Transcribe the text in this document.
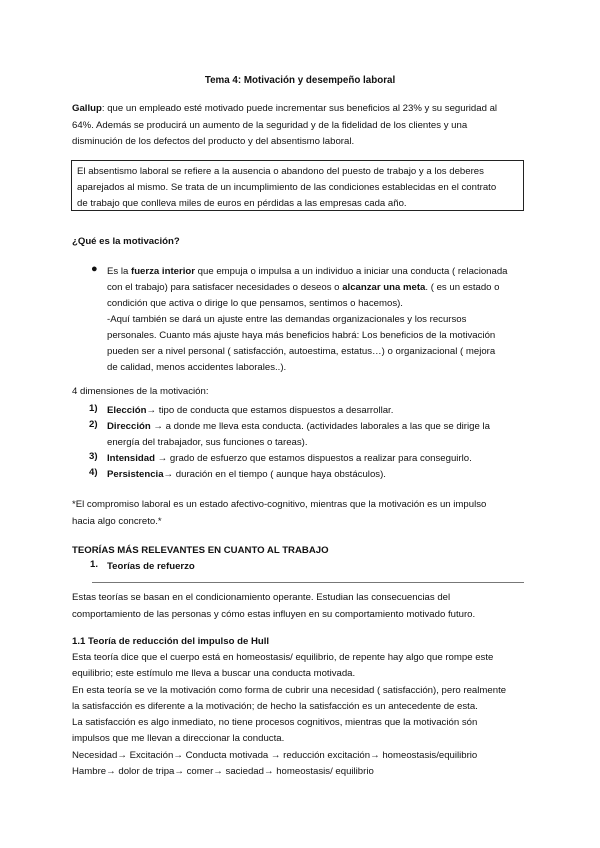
Tema 4: Motivación y desempeño laboral
Gallup: que un empleado esté motivado puede incrementar sus beneficios al 23% y su seguridad al
64%. Además se producirá un aumento de la seguridad y de la fidelidad de los clientes y una
disminución de los defectos del producto y del absentismo laboral.
El absentismo laboral se refiere a la ausencia o abandono del puesto de trabajo y a los deberes
aparejados al mismo. Se trata de un incumplimiento de las condiciones establecidas en el contrato
de trabajo que conlleva miles de euros en pérdidas a las empresas cada año.
¿Qué es la motivación?
● Es la fuerza interior que empuja o impulsa a un individuo a iniciar una conducta ( relacionada
con el trabajo) para satisfacer necesidades o deseos o alcanzar una meta. ( es un estado o
condición que activa o dirige lo que pensamos, sentimos o hacemos).
-Aquí también se dará un ajuste entre las demandas organizacionales y los recursos
personales. Cuanto más ajuste haya más beneficios habrá: Los beneficios de la motivación
pueden ser a nivel personal ( satisfacción, autoestima, estatus…) o organizacional ( mejora
de calidad, menos accidentes laborales..).
4 dimensiones de la motivación:
1) Elección→ tipo de conducta que estamos dispuestos a desarrollar.
2) Dirección → a donde me lleva esta conducta. (actividades laborales a las que se dirige la
energía del trabajador, sus funciones o tareas).
3) Intensidad → grado de esfuerzo que estamos dispuestos a realizar para conseguirlo.
4) Persistencia→ duración en el tiempo ( aunque haya obstáculos).
*El compromiso laboral es un estado afectivo-cognitivo, mientras que la motivación es un impulso
hacia algo concreto.*
TEORÍAS MÁS RELEVANTES EN CUANTO AL TRABAJO
1. Teorías de refuerzo
Estas teorías se basan en el condicionamiento operante. Estudian las consecuencias del
comportamiento de las personas y cómo estas influyen en su comportamiento motivado futuro.
1.1 Teoría de reducción del impulso de Hull
Esta teoría dice que el cuerpo está en homeostasis/ equilibrio, de repente hay algo que rompe este
equilibrio; este estímulo me lleva a buscar una conducta motivada.
En esta teoría se ve la motivación como forma de cubrir una necesidad ( satisfacción), pero realmente
la satisfacción es diferente a la motivación; de hecho la satisfacción es un antecedente de esta.
La satisfacción es algo inmediato, no tiene procesos cognitivos, mientras que la motivación són
impulsos que me llevan a direccionar la conducta.
Necesidad→ Excitación→ Conducta motivada → reducción excitación→ homeostasis/equilibrio
Hambre→ dolor de tripa→ comer→ saciedad→ homeostasis/ equilibrio
